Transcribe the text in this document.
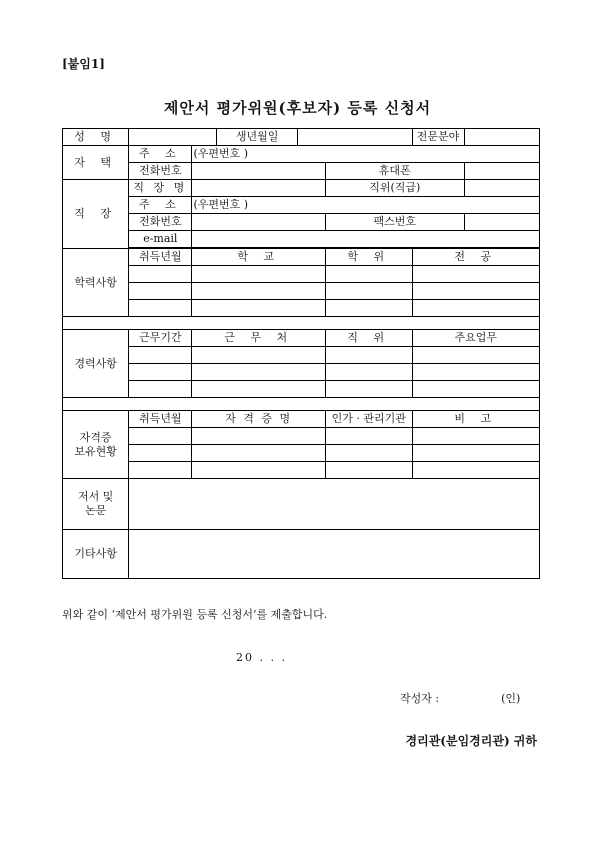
[붙임1]
제안서 평가위원(후보자) 등록 신청서
성 명			생년월일			전문분야	
자 택	주 소	(우편번호 )					
	전화번호				휴대폰		
직 장	직 장 명				직위(직급)		
	주 소	(우편번호 )					
	전화번호				팩스번호		
	e-mail						

학력사항	취득년월	학 교			학 위	전 공	

경력사항	근무기간	근 무 처			직 위	주요업무	

자격증
보유현황	취득년월	자 격 증 명			인가 · 관리기관	비 고	

저서 및
논문							

기타사항							
위와 같이 ‘제안서 평가위원 등록 신청서’를 제출합니다.
20 . . .
작성자 :	(인)
경리관(분임경리관) 귀하
